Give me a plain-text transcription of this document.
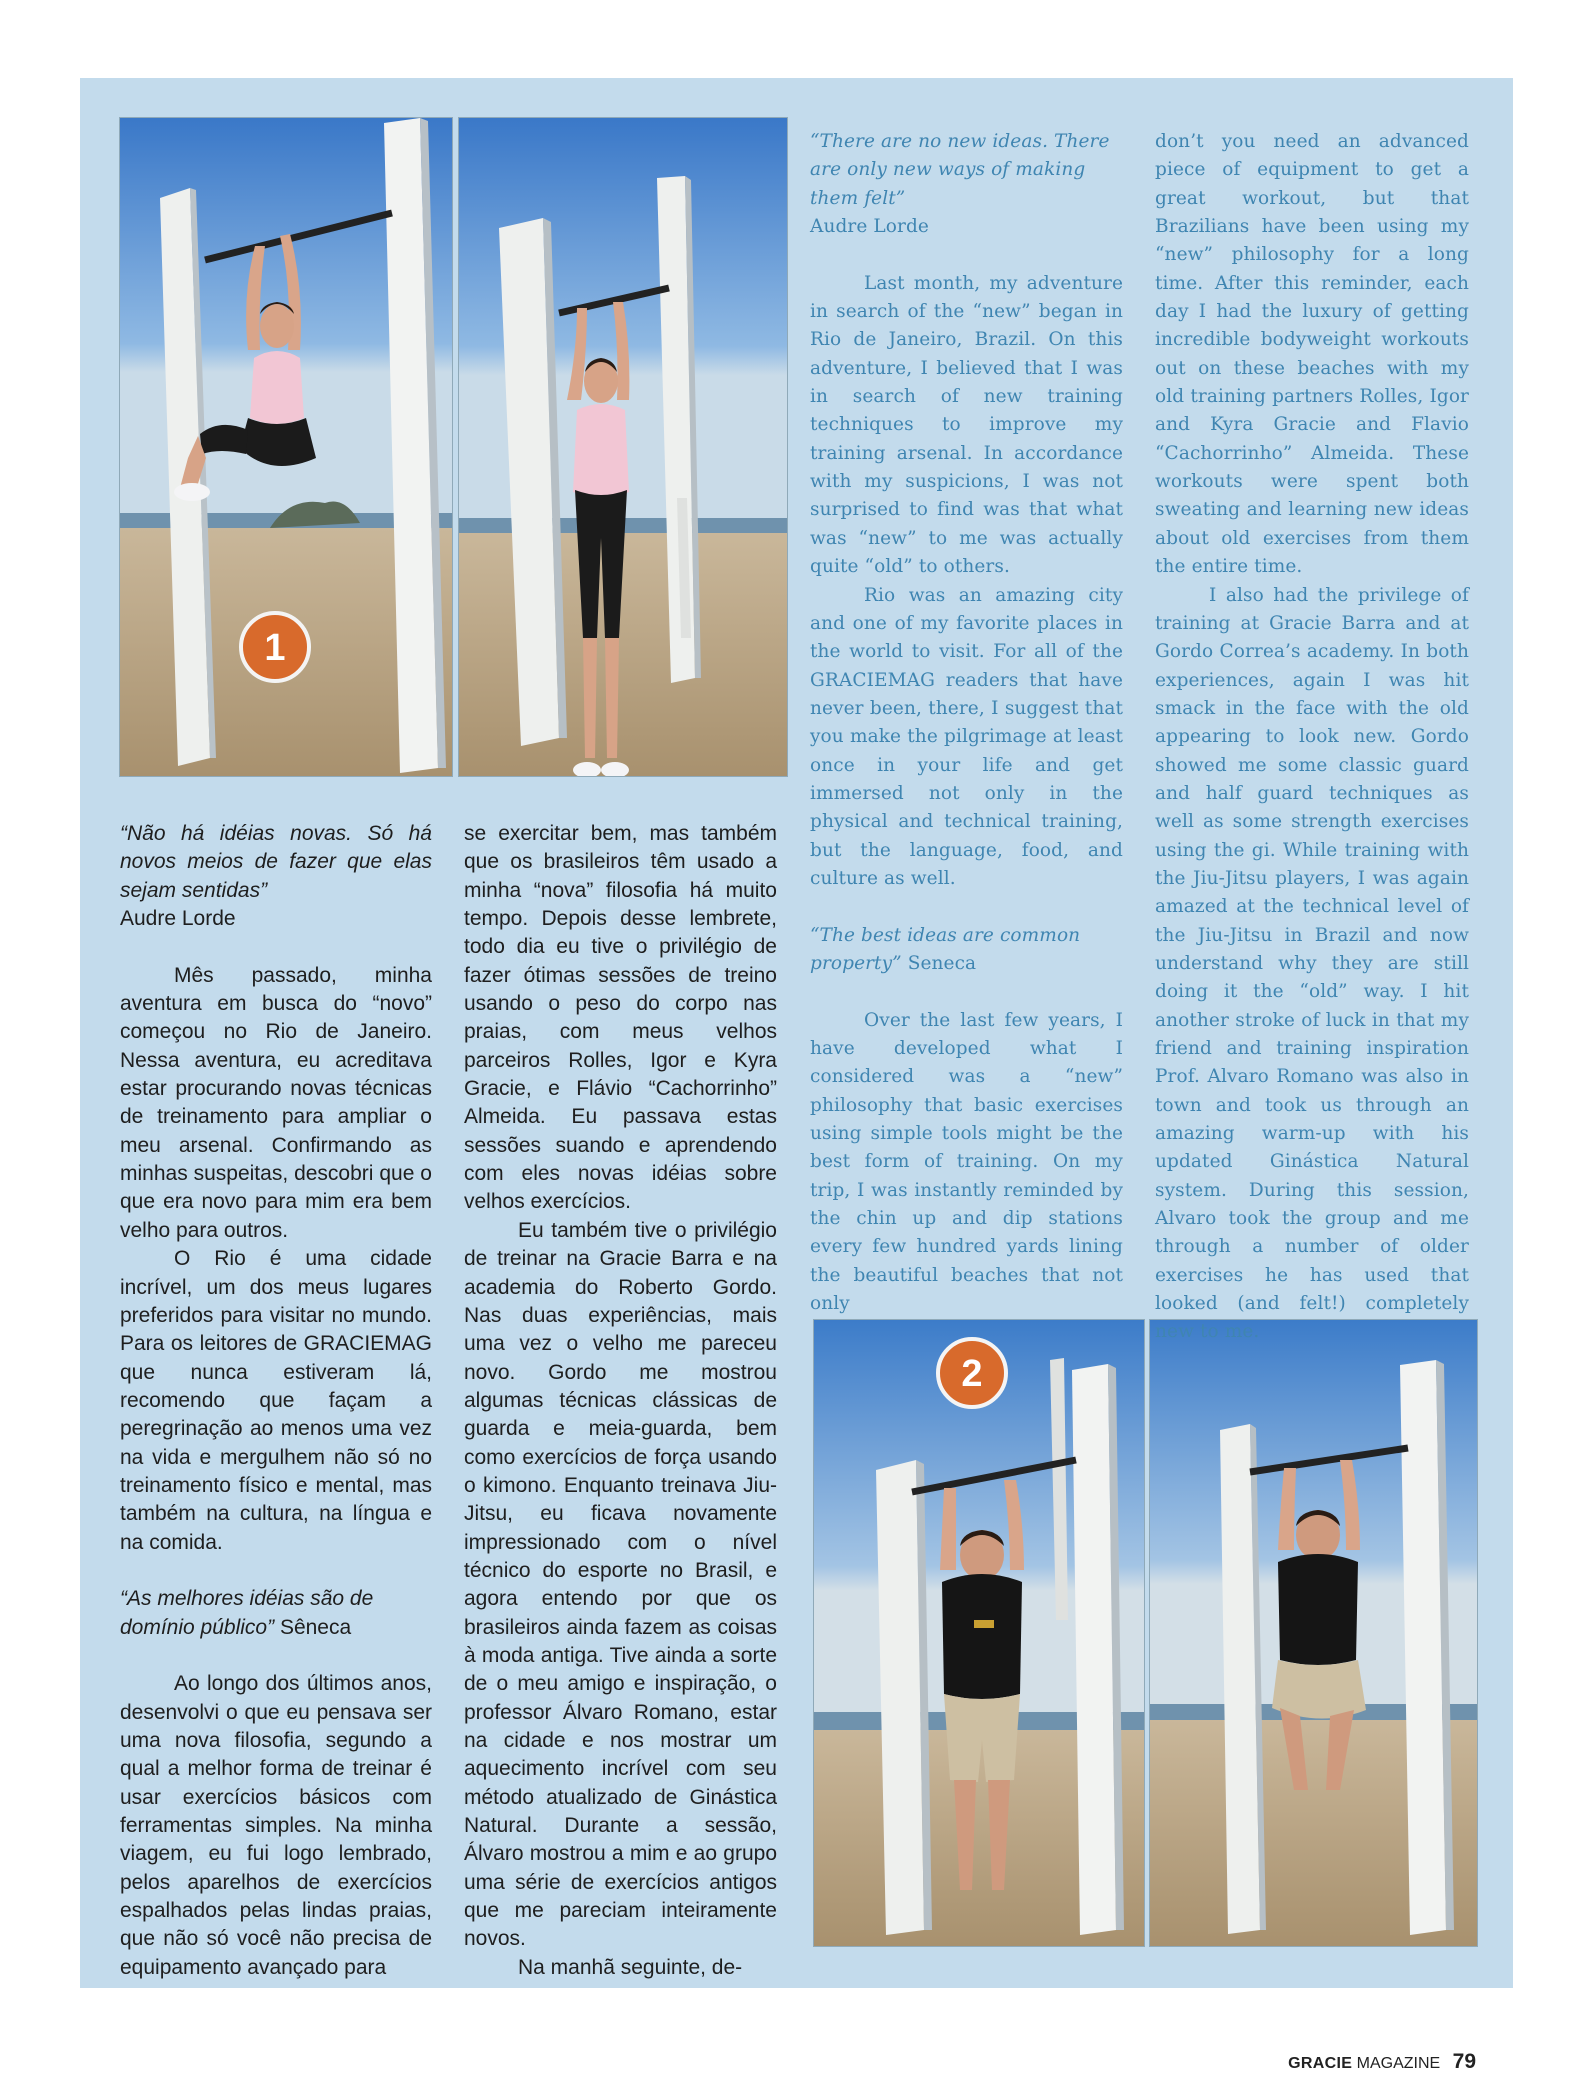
1
2

“Não há idéias novas. Só há novos meios de fazer que elas sejam sentidas”

Audre Lorde

Mês passado, minha aventura em busca do “novo” começou no Rio de Janeiro. Nessa aventura, eu acreditava estar procurando novas técnicas de treinamento para ampliar o meu arsenal. Confirmando as minhas suspeitas, descobri que o que era novo para mim era bem velho para outros.

O Rio é uma cidade incrível, um dos meus lugares preferidos para visitar no mundo. Para os leitores de GRACIEMAG que nunca estiveram lá, recomendo que façam a peregrinação ao menos uma vez na vida e mergulhem não só no treinamento físico e mental, mas também na cultura, na língua e na comida.

“As melhores idéias são de domínio público” Sêneca

Ao longo dos últimos anos, desenvolvi o que eu pensava ser uma nova filosofia, segundo a qual a melhor forma de treinar é usar exercícios básicos com ferramentas simples. Na minha viagem, eu fui logo lembrado, pelos aparelhos de exercícios espalhados pelas lindas praias, que não só você não precisa de equipamento avançado para

se exercitar bem, mas também que os brasileiros têm usado a minha “nova” filosofia há muito tempo. Depois desse lembrete, todo dia eu tive o privilégio de fazer ótimas sessões de treino usando o peso do corpo nas praias, com meus velhos parceiros Rolles, Igor e Kyra Gracie, e Flávio “Cachorrinho” Almeida. Eu passava estas sessões suando e aprendendo com eles novas idéias sobre velhos exercícios.

Eu também tive o privilégio de treinar na Gracie Barra e na academia do Roberto Gordo. Nas duas experiências, mais uma vez o velho me pareceu novo. Gordo me mostrou algumas técnicas clássicas de guarda e meia-guarda, bem como exercícios de força usando o kimono. Enquanto treinava Jiu-Jitsu, eu ficava novamente impressionado com o nível técnico do esporte no Brasil, e agora entendo por que os brasileiros ainda fazem as coisas à moda antiga. Tive ainda a sorte de o meu amigo e inspiração, o professor Álvaro Romano, estar na cidade e nos mostrar um aquecimento incrível com seu método atualizado de Ginástica Natural. Durante a sessão, Álvaro mostrou a mim e ao grupo uma série de exercícios antigos que me pareciam inteiramente novos.

Na manhã seguinte, de-

“There are no new ideas. There are only new ways of making them felt”

Audre Lorde

Last month, my adventure in search of the “new” began in Rio de Janeiro, Brazil. On this adventure, I believed that I was in search of new training techniques to improve my training arsenal. In accordance with my suspicions, I was not surprised to find was that what was “new” to me was actually quite “old” to others.

Rio was an amazing city and one of my favorite places in the world to visit. For all of the GRACIEMAG readers that have never been, there, I suggest that you make the pilgrimage at least once in your life and get immersed not only in the physical and technical training, but the language, food, and culture as well.

“The best ideas are common property” Seneca

Over the last few years, I have developed what I considered was a “new” philosophy that basic exercises using simple tools might be the best form of training. On my trip, I was instantly reminded by the chin up and dip stations every few hundred yards lining the beautiful beaches that not only

don’t you need an advanced piece of equipment to get a great workout, but that Brazilians have been using my “new” philosophy for a long time. After this reminder, each day I had the luxury of getting incredible bodyweight workouts out on these beaches with my old training partners Rolles, Igor and Kyra Gracie and Flavio “Cachorrinho” Almeida. These workouts were spent both sweating and learning new ideas about old exercises from them the entire time.

I also had the privilege of training at Gracie Barra and at Gordo Correa’s academy. In both experiences, again I was hit smack in the face with the old appearing to look new. Gordo showed me some classic guard and half guard techniques as well as some strength exercises using the gi. While training with the Jiu-Jitsu players, I was again amazed at the technical level of the Jiu-Jitsu in Brazil and now understand why they are still doing it the “old” way. I hit another stroke of luck in that my friend and training inspiration Prof. Alvaro Romano was also in town and took us through an amazing warm-up with his updated Ginástica Natural system. During this session, Alvaro took the group and me through a number of older exercises he has used that looked (and felt!) completely new to me.

GRACIE MAGAZINE 79
